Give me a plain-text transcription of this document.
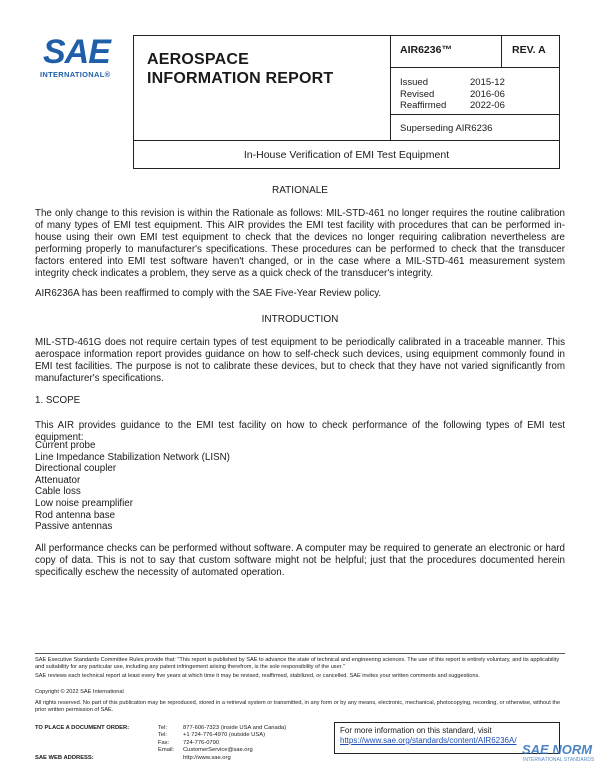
SAE
INTERNATIONAL®
AEROSPACE
INFORMATION REPORT
AIR6236™	REV. A
Issued	2015-12
Revised	2016-06
Reaffirmed	2022-06
Superseding AIR6236
In-House Verification of EMI Test Equipment
RATIONALE
The only change to this revision is within the Rationale as follows: MIL-STD-461 no longer requires the routine calibration of many types of EMI test equipment. This AIR provides the EMI test facility with procedures that can be performed in-house using their own EMI test equipment to check that the devices no longer requiring calibration nevertheless are performing properly to manufacturer's specifications. These procedures can be performed to check that the transducer factors entered into EMI test software haven't changed, or in the case where a MIL-STD-461 measurement system integrity check indicates a problem, they serve as a quick check of the transducer's integrity.
AIR6236A has been reaffirmed to comply with the SAE Five-Year Review policy.
INTRODUCTION
MIL-STD-461G does not require certain types of test equipment to be periodically calibrated in a traceable manner. This aerospace information report provides guidance on how to self-check such devices, using equipment commonly found in EMI test facilities. The purpose is not to calibrate these devices, but to check that they have not varied significantly from manufacturer's specifications.
1. SCOPE
This AIR provides guidance to the EMI test facility on how to check performance of the following types of EMI test equipment:
Current probe
Line Impedance Stabilization Network (LISN)
Directional coupler
Attenuator
Cable loss
Low noise preamplifier
Rod antenna base
Passive antennas
All performance checks can be performed without software. A computer may be required to generate an electronic or hard copy of data. This is not to say that custom software might not be helpful; just that the procedures documented herein specifically eschew the necessity of automated operation.
SAE Executive Standards Committee Rules provide that: "This report is published by SAE to advance the state of technical and engineering sciences. The use of this report is entirely voluntary, and its applicability and suitability for any particular use, including any patent infringement arising therefrom, is the sole responsibility of the user."
SAE reviews each technical report at least every five years at which time it may be revised, reaffirmed, stabilized, or cancelled. SAE invites your written comments and suggestions.
Copyright © 2022 SAE International
All rights reserved. No part of this publication may be reproduced, stored in a retrieval system or transmitted, in any form or by any means, electronic, mechanical, photocopying, recording, or otherwise, without the prior written permission of SAE.
TO PLACE A DOCUMENT ORDER:	Tel:	877-606-7323 (inside USA and Canada)
	Tel:	+1 724-776-4970 (outside USA)
	Fax:	724-776-0790
	Email:	CustomerService@sae.org
SAE WEB ADDRESS:		http://www.sae.org
For more information on this standard, visit
https://www.sae.org/standards/content/AIR6236A/
SAE NORM
INTERNATIONAL STANDARDS
